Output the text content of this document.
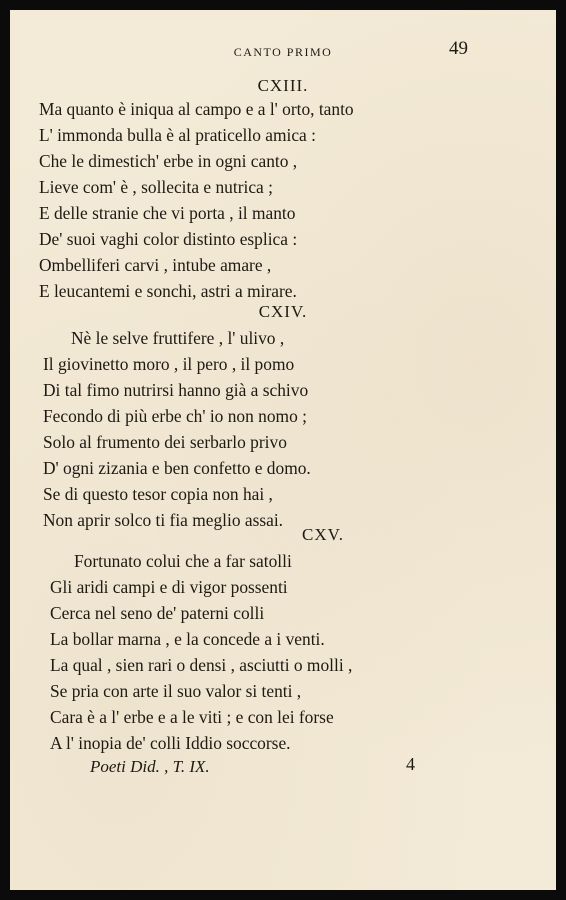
CANTO PRIMO	49
CXIII.
Ma quanto è iniqua al campo e a l' orto, tanto
L' immonda bulla è al praticello amica :
Che le dimestich' erbe in ogni canto ,
Lieve com' è , sollecita e nutrica ;
E delle stranie che vi porta , il manto
De' suoi vaghi color distinto esplica :
Ombelliferi carvi , intube amare ,
E leucantemi e sonchi, astri a mirare.
CXIV.
Nè le selve fruttifere , l' ulivo ,
Il giovinetto moro , il pero , il pomo
Di tal fimo nutrirsi hanno già a schivo
Fecondo di più erbe ch' io non nomo ;
Solo al frumento dei serbarlo privo
D' ogni zizania e ben confetto e domo.
Se di questo tesor copia non hai ,
Non aprir solco ti fia meglio assai.
CXV.
Fortunato colui che a far satolli
Gli aridi campi e di vigor possenti
Cerca nel seno de' paterni colli
La bollar marna , e la concede a i venti.
La qual , sien rari o densi , asciutti o molli ,
Se pria con arte il suo valor si tenti ,
Cara è a l' erbe e a le viti ; e con lei forse
A l' inopia de' colli Iddio soccorse.
Poeti Did. , T. IX.	4
